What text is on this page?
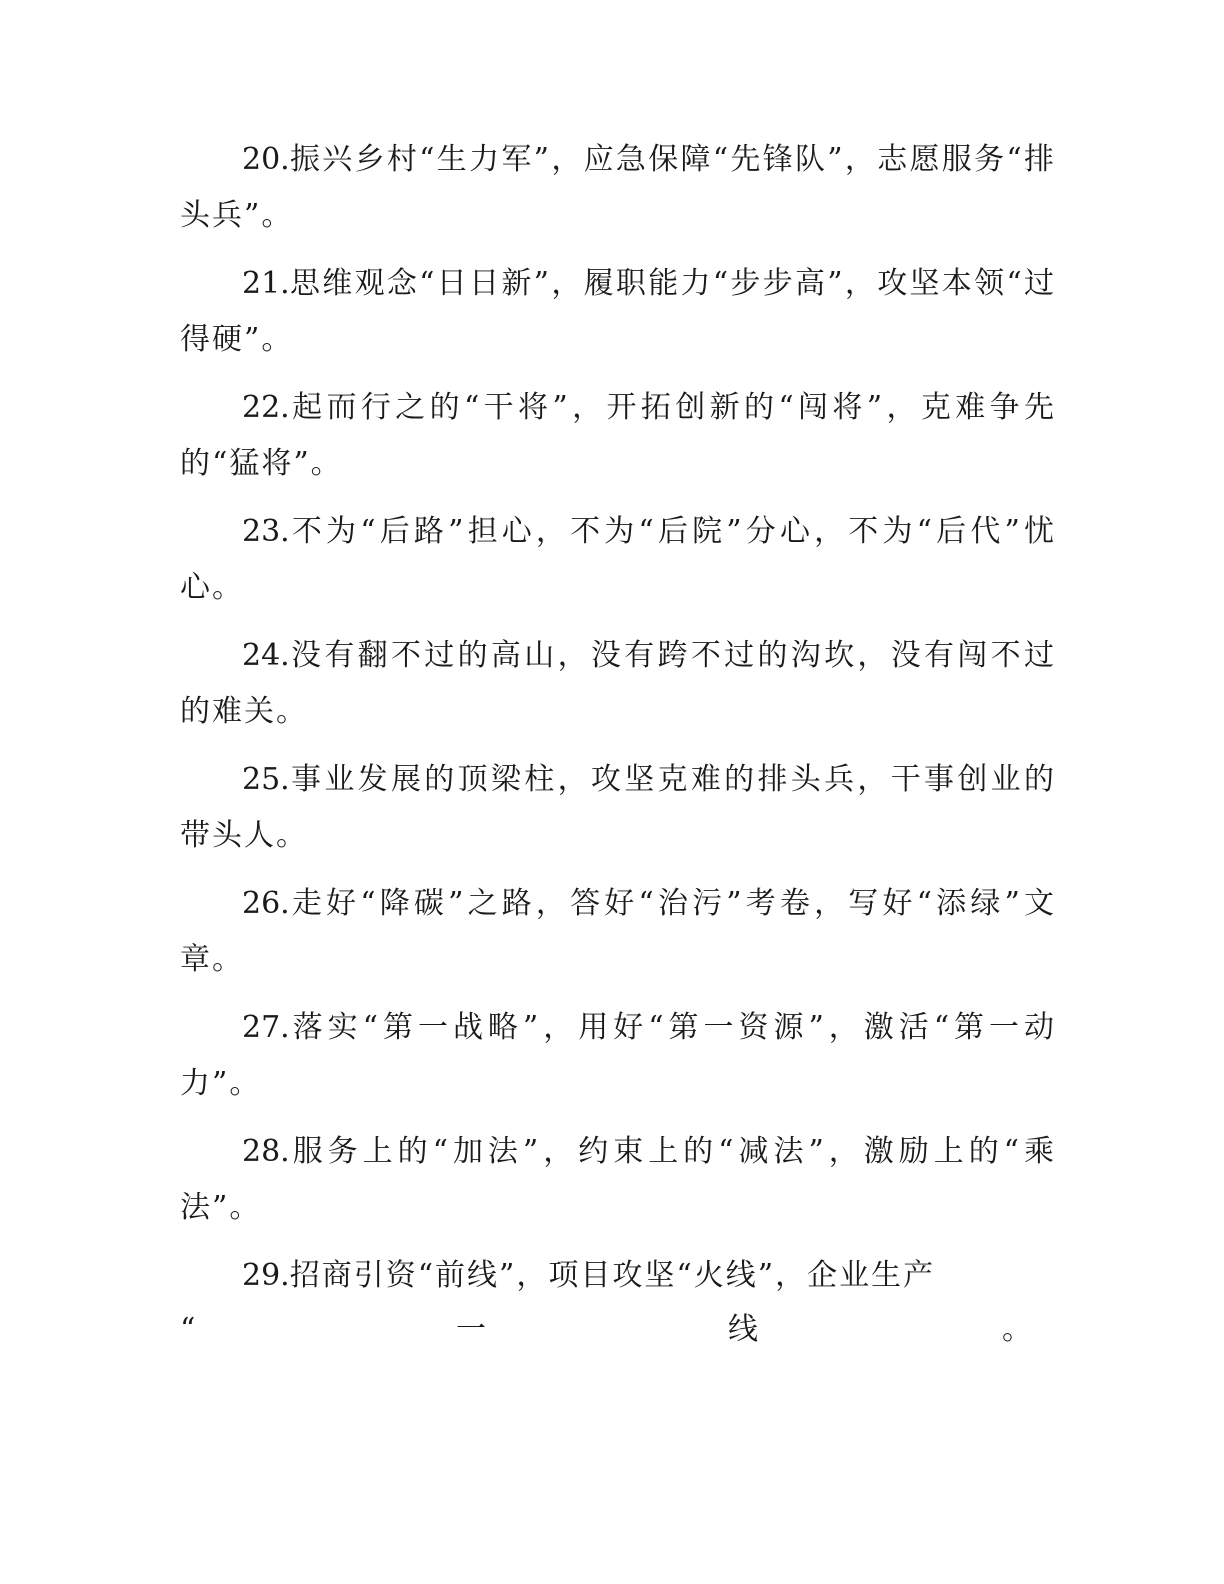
20.振兴乡村“生力军”，应急保障“先锋队”，志愿服务“排头兵”。

21.思维观念“日日新”，履职能力“步步高”，攻坚本领“过得硬”。

22.起而行之的“干将”，开拓创新的“闯将”，克难争先的“猛将”。

23.不为“后路”担心，不为“后院”分心，不为“后代”忧心。

24.没有翻不过的高山，没有跨不过的沟坎，没有闯不过的难关。

25.事业发展的顶梁柱，攻坚克难的排头兵，干事创业的带头人。

26.走好“降碳”之路，答好“治污”考卷，写好“添绿”文章。

27.落实“第一战略”，用好“第一资源”，激活“第一动力”。

28.服务上的“加法”，约束上的“减法”，激励上的“乘法”。

29.招商引资“前线”，项目攻坚“火线”，企业生产

“	一	线	。
